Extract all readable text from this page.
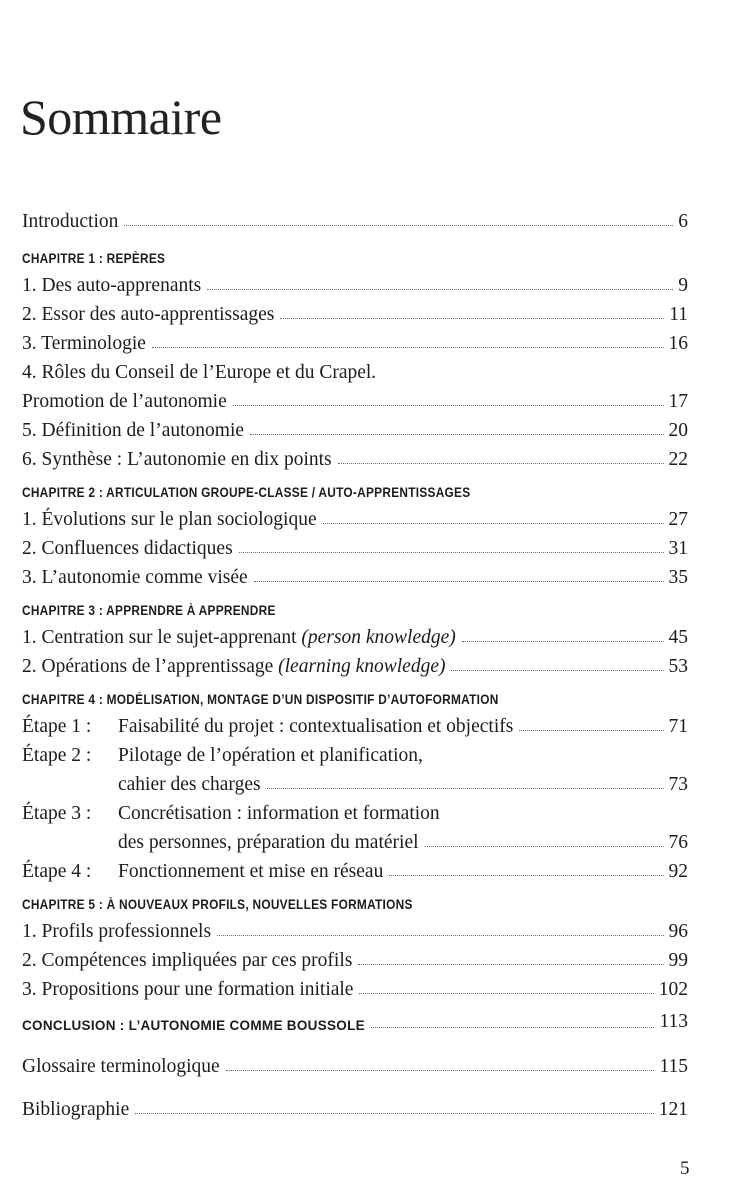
Sommaire
Introduction	6
CHAPITRE 1 : REPÈRES
1. Des auto-apprenants	9
2. Essor des auto-apprentissages	11
3. Terminologie	16
4. Rôles du Conseil de l’Europe et du Crapel.
Promotion de l’autonomie	17
5. Définition de l’autonomie	20
6. Synthèse : L’autonomie en dix points	22
CHAPITRE 2 : ARTICULATION GROUPE-CLASSE / AUTO-APPRENTISSAGES
1. Évolutions sur le plan sociologique	27
2. Confluences didactiques	31
3. L’autonomie comme visée	35
CHAPITRE 3 : APPRENDRE À APPRENDRE
1. Centration sur le sujet-apprenant (person knowledge)	45
2. Opérations de l’apprentissage (learning knowledge)	53
CHAPITRE 4 : MODÉLISATION, MONTAGE D’UN DISPOSITIF D’AUTOFORMATION
Étape 1 :	Faisabilité du projet : contextualisation et objectifs	71
Étape 2 :	Pilotage de l’opération et planification,
cahier des charges	73
Étape 3 :	Concrétisation : information et formation
des personnes, préparation du matériel	76
Étape 4 :	Fonctionnement et mise en réseau	92
CHAPITRE 5 : À NOUVEAUX PROFILS, NOUVELLES FORMATIONS
1. Profils professionnels	96
2. Compétences impliquées par ces profils	99
3. Propositions pour une formation initiale	102
CONCLUSION : L’AUTONOMIE COMME BOUSSOLE	113
Glossaire terminologique	115
Bibliographie	121
5
